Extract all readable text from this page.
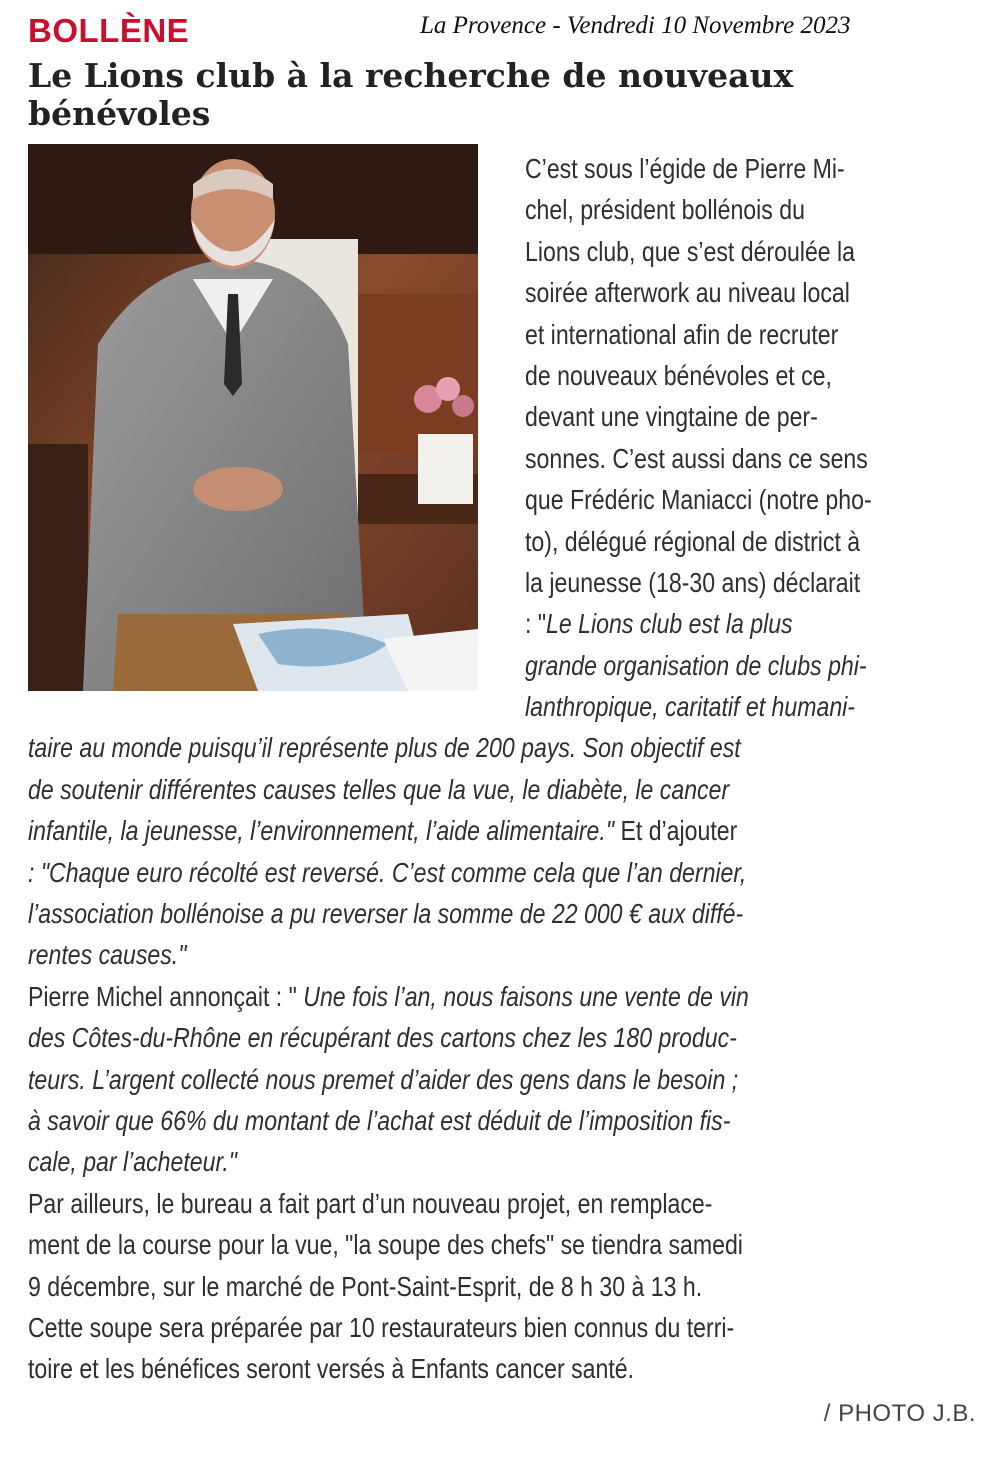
BOLLÈNE	La Provence - Vendredi 10 Novembre 2023
Le Lions club à la recherche de nouveaux bénévoles

C’est sous l’égide de Pierre Mi-

chel, président bollénois du

Lions club, que s’est déroulée la

soirée afterwork au niveau local

et international afin de recruter

de nouveaux bénévoles et ce,

devant une vingtaine de per-

sonnes. C’est aussi dans ce sens

que Frédéric Maniacci (notre pho-

to), délégué régional de district à

la jeunesse (18-30 ans) déclarait

: "Le Lions club est la plus

grande organisation de clubs phi-

lanthropique, caritatif et humani-

taire au monde puisqu’il représente plus de 200 pays. Son objectif est

de soutenir différentes causes telles que la vue, le diabète, le cancer

infantile, la jeunesse, l’environnement, l’aide alimentaire." Et d’ajouter

: "Chaque euro récolté est reversé. C’est comme cela que l’an dernier,

l’association bollénoise a pu reverser la somme de 22 000 € aux diffé-

rentes causes."

Pierre Michel annonçait : " Une fois l’an, nous faisons une vente de vin

des Côtes-du-Rhône en récupérant des cartons chez les 180 produc-

teurs. L’argent collecté nous premet d’aider des gens dans le besoin ;

à savoir que 66% du montant de l’achat est déduit de l’imposition fis-

cale, par l’acheteur."

Par ailleurs, le bureau a fait part d’un nouveau projet, en remplace-

ment de la course pour la vue, "la soupe des chefs" se tiendra samedi

9 décembre, sur le marché de Pont-Saint-Esprit, de 8 h 30 à 13 h.

Cette soupe sera préparée par 10 restaurateurs bien connus du terri-

toire et les bénéfices seront versés à Enfants cancer santé.

/ PHOTO J.B.
